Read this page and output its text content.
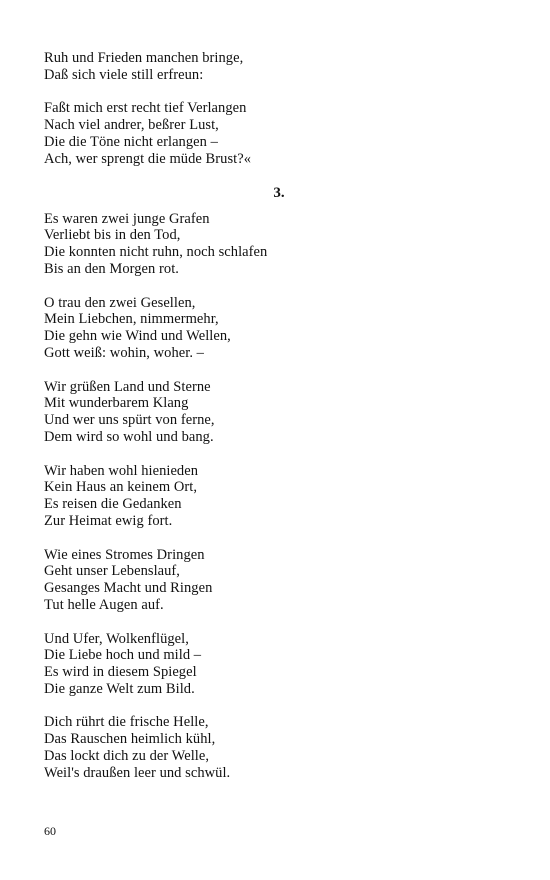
Ruh und Frieden manchen bringe,
Daß sich viele still erfreun:
Faßt mich erst recht tief Verlangen
Nach viel andrer, beßrer Lust,
Die die Töne nicht erlangen –
Ach, wer sprengt die müde Brust?«
3.
Es waren zwei junge Grafen
Verliebt bis in den Tod,
Die konnten nicht ruhn, noch schlafen
Bis an den Morgen rot.
O trau den zwei Gesellen,
Mein Liebchen, nimmermehr,
Die gehn wie Wind und Wellen,
Gott weiß: wohin, woher. –
Wir grüßen Land und Sterne
Mit wunderbarem Klang
Und wer uns spürt von ferne,
Dem wird so wohl und bang.
Wir haben wohl hienieden
Kein Haus an keinem Ort,
Es reisen die Gedanken
Zur Heimat ewig fort.
Wie eines Stromes Dringen
Geht unser Lebenslauf,
Gesanges Macht und Ringen
Tut helle Augen auf.
Und Ufer, Wolkenflügel,
Die Liebe hoch und mild –
Es wird in diesem Spiegel
Die ganze Welt zum Bild.
Dich rührt die frische Helle,
Das Rauschen heimlich kühl,
Das lockt dich zu der Welle,
Weil's draußen leer und schwül.
60
